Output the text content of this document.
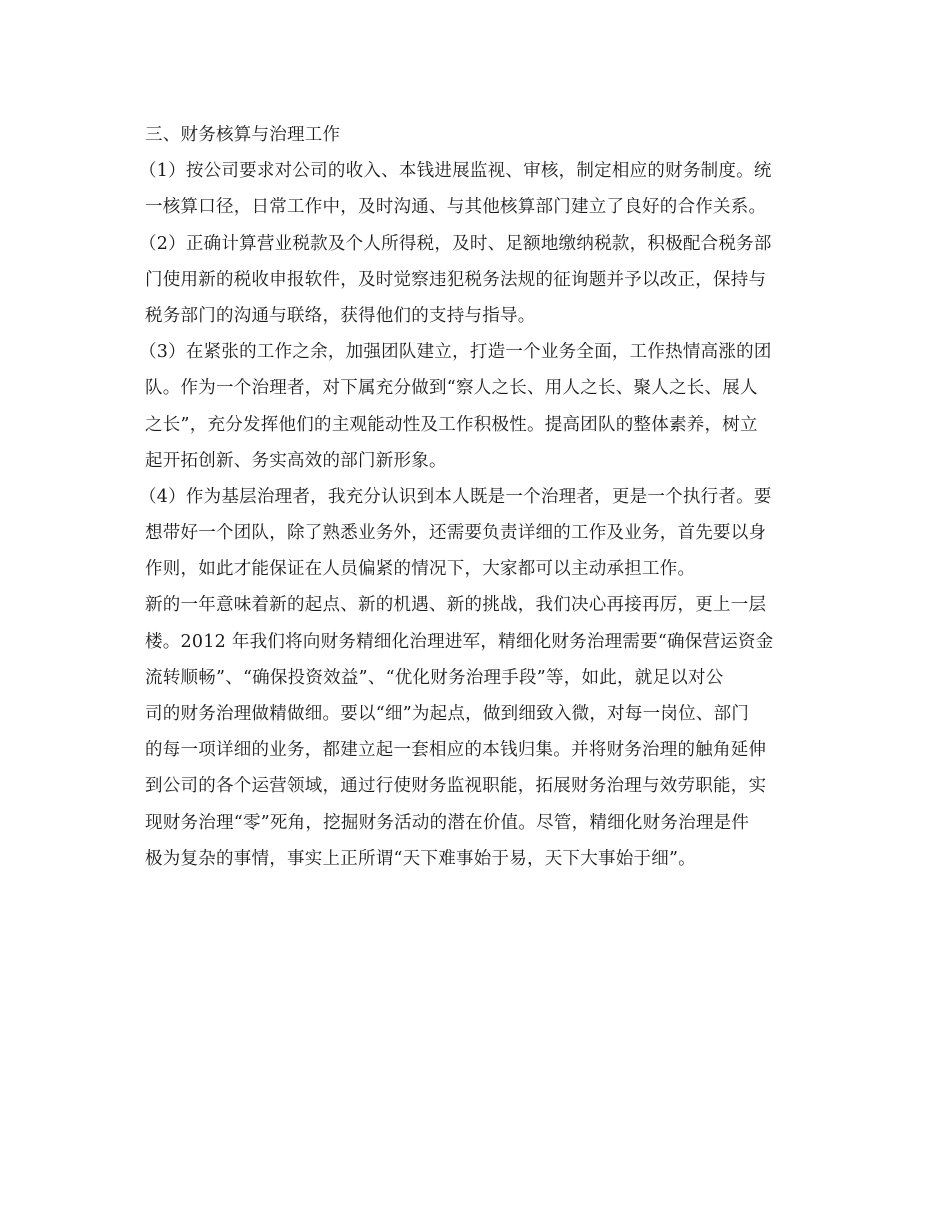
三、财务核算与治理工作
（1）按公司要求对公司的收入、本钱进展监视、审核，制定相应的财务制度。统
一核算口径，日常工作中，及时沟通、与其他核算部门建立了良好的合作关系。
（2）正确计算营业税款及个人所得税，及时、足额地缴纳税款，积极配合税务部
门使用新的税收申报软件，及时觉察违犯税务法规的征询题并予以改正，保持与
税务部门的沟通与联络，获得他们的支持与指导。
（3）在紧张的工作之余，加强团队建立，打造一个业务全面，工作热情高涨的团
队。作为一个治理者，对下属充分做到“察人之长、用人之长、聚人之长、展人
之长”，充分发挥他们的主观能动性及工作积极性。提高团队的整体素养，树立
起开拓创新、务实高效的部门新形象。
（4）作为基层治理者，我充分认识到本人既是一个治理者，更是一个执行者。要
想带好一个团队，除了熟悉业务外，还需要负责详细的工作及业务，首先要以身
作则，如此才能保证在人员偏紧的情况下，大家都可以主动承担工作。
新的一年意味着新的起点、新的机遇、新的挑战，我们决心再接再厉，更上一层
楼。2012 年我们将向财务精细化治理进军，精细化财务治理需要“确保营运资金
流转顺畅”、“确保投资效益”、“优化财务治理手段”等，如此，就足以对公
司的财务治理做精做细。要以“细”为起点，做到细致入微，对每一岗位、部门
的每一项详细的业务，都建立起一套相应的本钱归集。并将财务治理的触角延伸
到公司的各个运营领域，通过行使财务监视职能，拓展财务治理与效劳职能，实
现财务治理“零”死角，挖掘财务活动的潜在价值。尽管，精细化财务治理是件
极为复杂的事情，事实上正所谓“天下难事始于易，天下大事始于细”。
